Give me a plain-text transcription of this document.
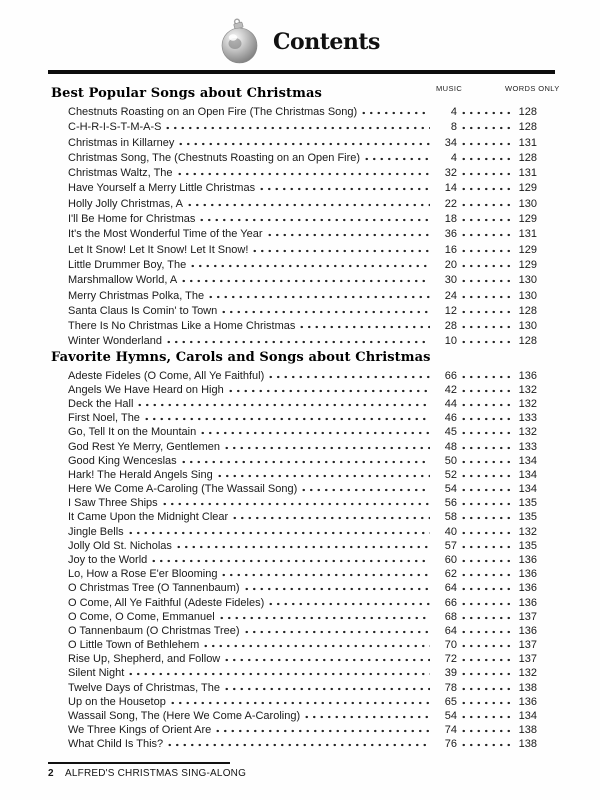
Contents
MUSIC	WORDS ONLY
Best Popular Songs about Christmas
Chestnuts Roasting on an Open Fire (The Christmas Song)	4	128
C-H-R-I-S-T-M-A-S	8	128
Christmas in Killarney	34	131
Christmas Song, The (Chestnuts Roasting on an Open Fire)	4	128
Christmas Waltz, The	32	131
Have Yourself a Merry Little Christmas	14	129
Holly Jolly Christmas, A	22	130
I'll Be Home for Christmas	18	129
It's the Most Wonderful Time of the Year	36	131
Let It Snow! Let It Snow! Let It Snow!	16	129
Little Drummer Boy, The	20	129
Marshmallow World, A	30	130
Merry Christmas Polka, The	24	130
Santa Claus Is Comin' to Town	12	128
There Is No Christmas Like a Home Christmas	28	130
Winter Wonderland	10	128
Favorite Hymns, Carols and Songs about Christmas
Adeste Fideles (O Come, All Ye Faithful)	66	136
Angels We Have Heard on High	42	132
Deck the Hall	44	132
First Noel, The	46	133
Go, Tell It on the Mountain	45	132
God Rest Ye Merry, Gentlemen	48	133
Good King Wenceslas	50	134
Hark! The Herald Angels Sing	52	134
Here We Come A-Caroling (The Wassail Song)	54	134
I Saw Three Ships	56	135
It Came Upon the Midnight Clear	58	135
Jingle Bells	40	132
Jolly Old St. Nicholas	57	135
Joy to the World	60	136
Lo, How a Rose E'er Blooming	62	136
O Christmas Tree (O Tannenbaum)	64	136
O Come, All Ye Faithful (Adeste Fideles)	66	136
O Come, O Come, Emmanuel	68	137
O Tannenbaum (O Christmas Tree)	64	136
O Little Town of Bethlehem	70	137
Rise Up, Shepherd, and Follow	72	137
Silent Night	39	132
Twelve Days of Christmas, The	78	138
Up on the Housetop	65	136
Wassail Song, The (Here We Come A-Caroling)	54	134
We Three Kings of Orient Are	74	138
What Child Is This?	76	138
2	ALFRED'S CHRISTMAS SING-ALONG
